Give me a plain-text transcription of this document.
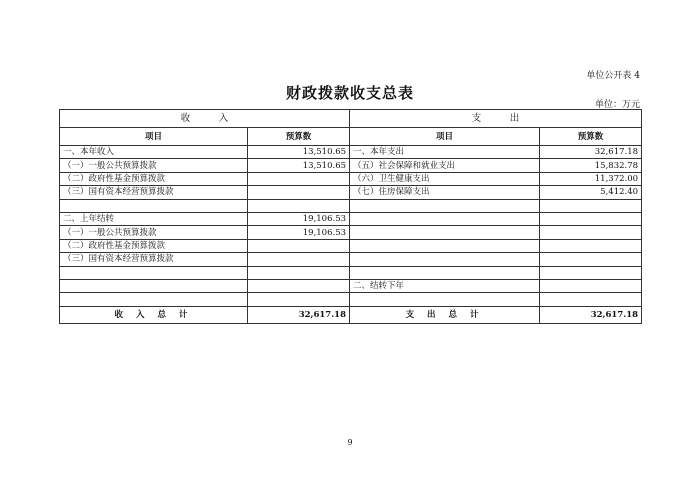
单位公开表 4
财政拨款收支总表
单位：万元
收　　　入		支　　　出	
项目	预算数	项目	预算数
一、本年收入	13,510.65	一、本年支出	32,617.18
（一）一般公共预算拨款	13,510.65	（五）社会保障和就业支出	15,832.78
（二）政府性基金预算拨款		（六）卫生健康支出	11,372.00
（三）国有资本经营预算拨款		（七）住房保障支出	5,412.40

二、上年结转	19,106.53		
（一）一般公共预算拨款	19,106.53		
（二）政府性基金预算拨款			
（三）国有资本经营预算拨款			

		二、结转下年	

收 入 总 计	32,617.18	支 出 总 计	32,617.18
9
